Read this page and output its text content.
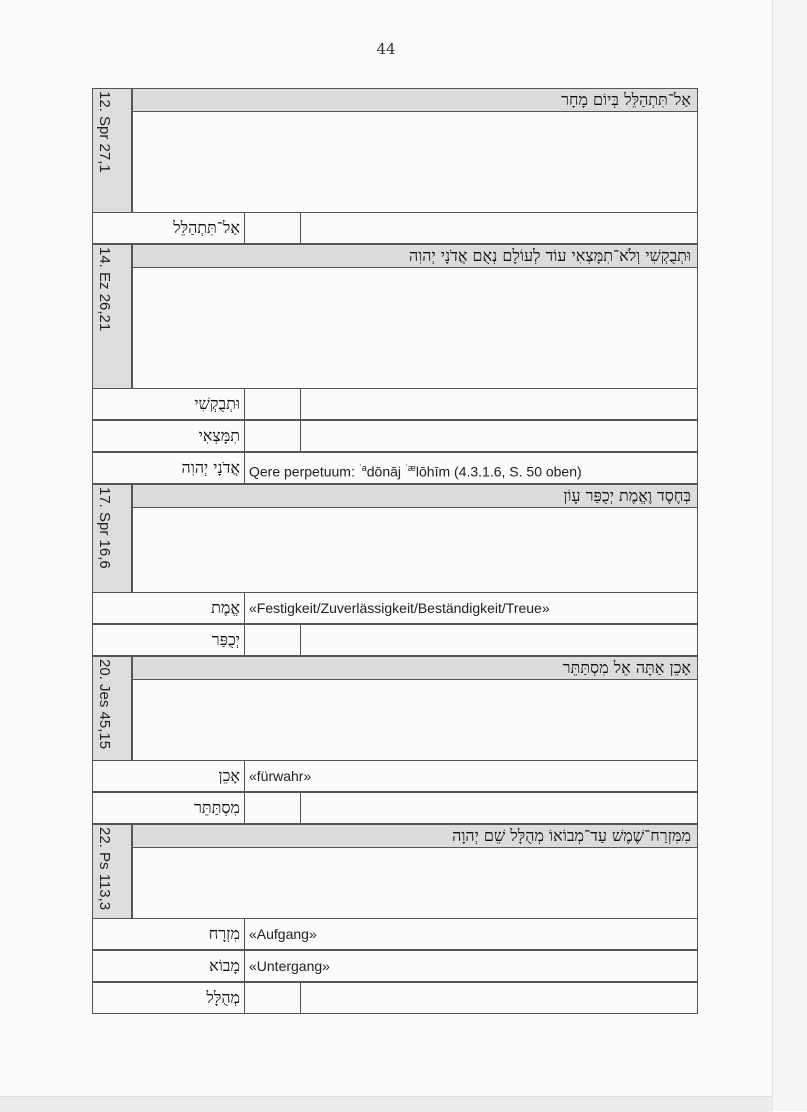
44
12. Spr 27,1
אַל־תִּתְהַלֵּל בְּיוֹם מָחָר
אַל־תִּתְהַלֵּל
14. Ez 26,21
וּתְבֻקְשִׁי וְלֹא־תִמָּצְאִי עוֹד לְעוֹלָם נְאֻם אֲדֹנָי יְהוִה
וּתְבֻקְשִׁי
תִמָּצְאִי
אֲדֹנָי יְהוִה Qere perpetuum: $^{ʾa}$dōnāj $^{ʾæ}$lōhīm (4.3.1.6, S. 50 oben)
17. Spr 16,6
בְּחֶסֶד וֶאֱמֶת יְכֻפַּר עָוֹן
אֱמֶת «Festigkeit/Zuverlässigkeit/Beständigkeit/Treue»
יְכֻפַּר
20. Jes 45,15
אָכֵן אַתָּה אֵל מִסְתַּתֵּר
אָכֵן «fürwahr»
מִסְתַּתֵּר
22. Ps 113,3
מִמִּזְרַח־שֶׁמֶשׁ עַד־מְבוֹאוֹ מְהֻלָּל שֵׁם יְהוָה
מִזְרָח «Aufgang»
מָבוֹא «Untergang»
מְהֻלָּל
